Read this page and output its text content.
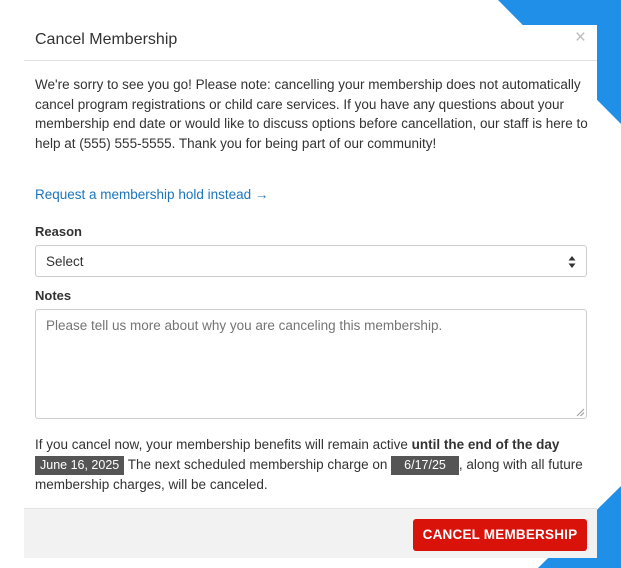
Cancel Membership	×

We're sorry to see you go! Please note: cancelling your membership does not automatically cancel program registrations or child care services. If you have any questions about your membership end date or would like to discuss options before cancellation, our staff is here to help at (555) 555-5555. Thank you for being part of our community!

Request a membership hold instead →
Reason
Select
Notes
Please tell us more about why you are canceling this membership.

If you cancel now, your membership benefits will remain active until the end of the day June 16, 2025 The next scheduled membership charge on 6/17/25 , along with all future membership charges, will be canceled.

CANCEL MEMBERSHIP
